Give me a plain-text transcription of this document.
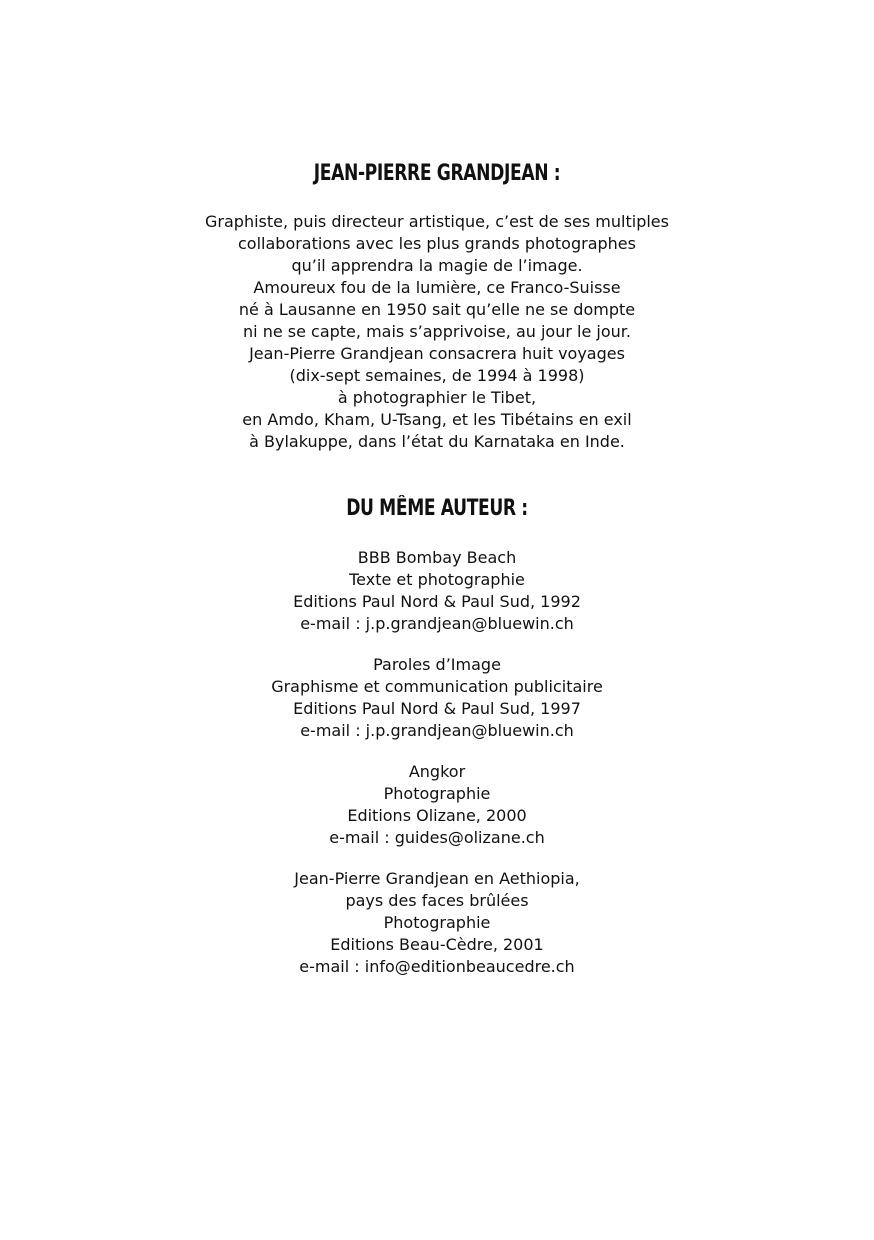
JEAN-PIERRE GRANDJEAN :

Graphiste, puis directeur artistique, c’est de ses multiples
collaborations avec les plus grands photographes
qu’il apprendra la magie de l’image.
Amoureux fou de la lumière, ce Franco-Suisse
né à Lausanne en 1950 sait qu’elle ne se dompte
ni ne se capte, mais s’apprivoise, au jour le jour.
Jean-Pierre Grandjean consacrera huit voyages
(dix-sept semaines, de 1994 à 1998)
à photographier le Tibet,
en Amdo, Kham, U-Tsang, et les Tibétains en exil
à Bylakuppe, dans l’état du Karnataka en Inde.

DU MÊME AUTEUR :
BBB Bombay Beach
Texte et photographie
Editions Paul Nord & Paul Sud, 1992
e-mail : j.p.grandjean@bluewin.ch
Paroles d’Image
Graphisme et communication publicitaire
Editions Paul Nord & Paul Sud, 1997
e-mail : j.p.grandjean@bluewin.ch
Angkor
Photographie
Editions Olizane, 2000
e-mail : guides@olizane.ch
Jean-Pierre Grandjean en Aethiopia,
pays des faces brûlées
Photographie
Editions Beau-Cèdre, 2001
e-mail : info@editionbeaucedre.ch
